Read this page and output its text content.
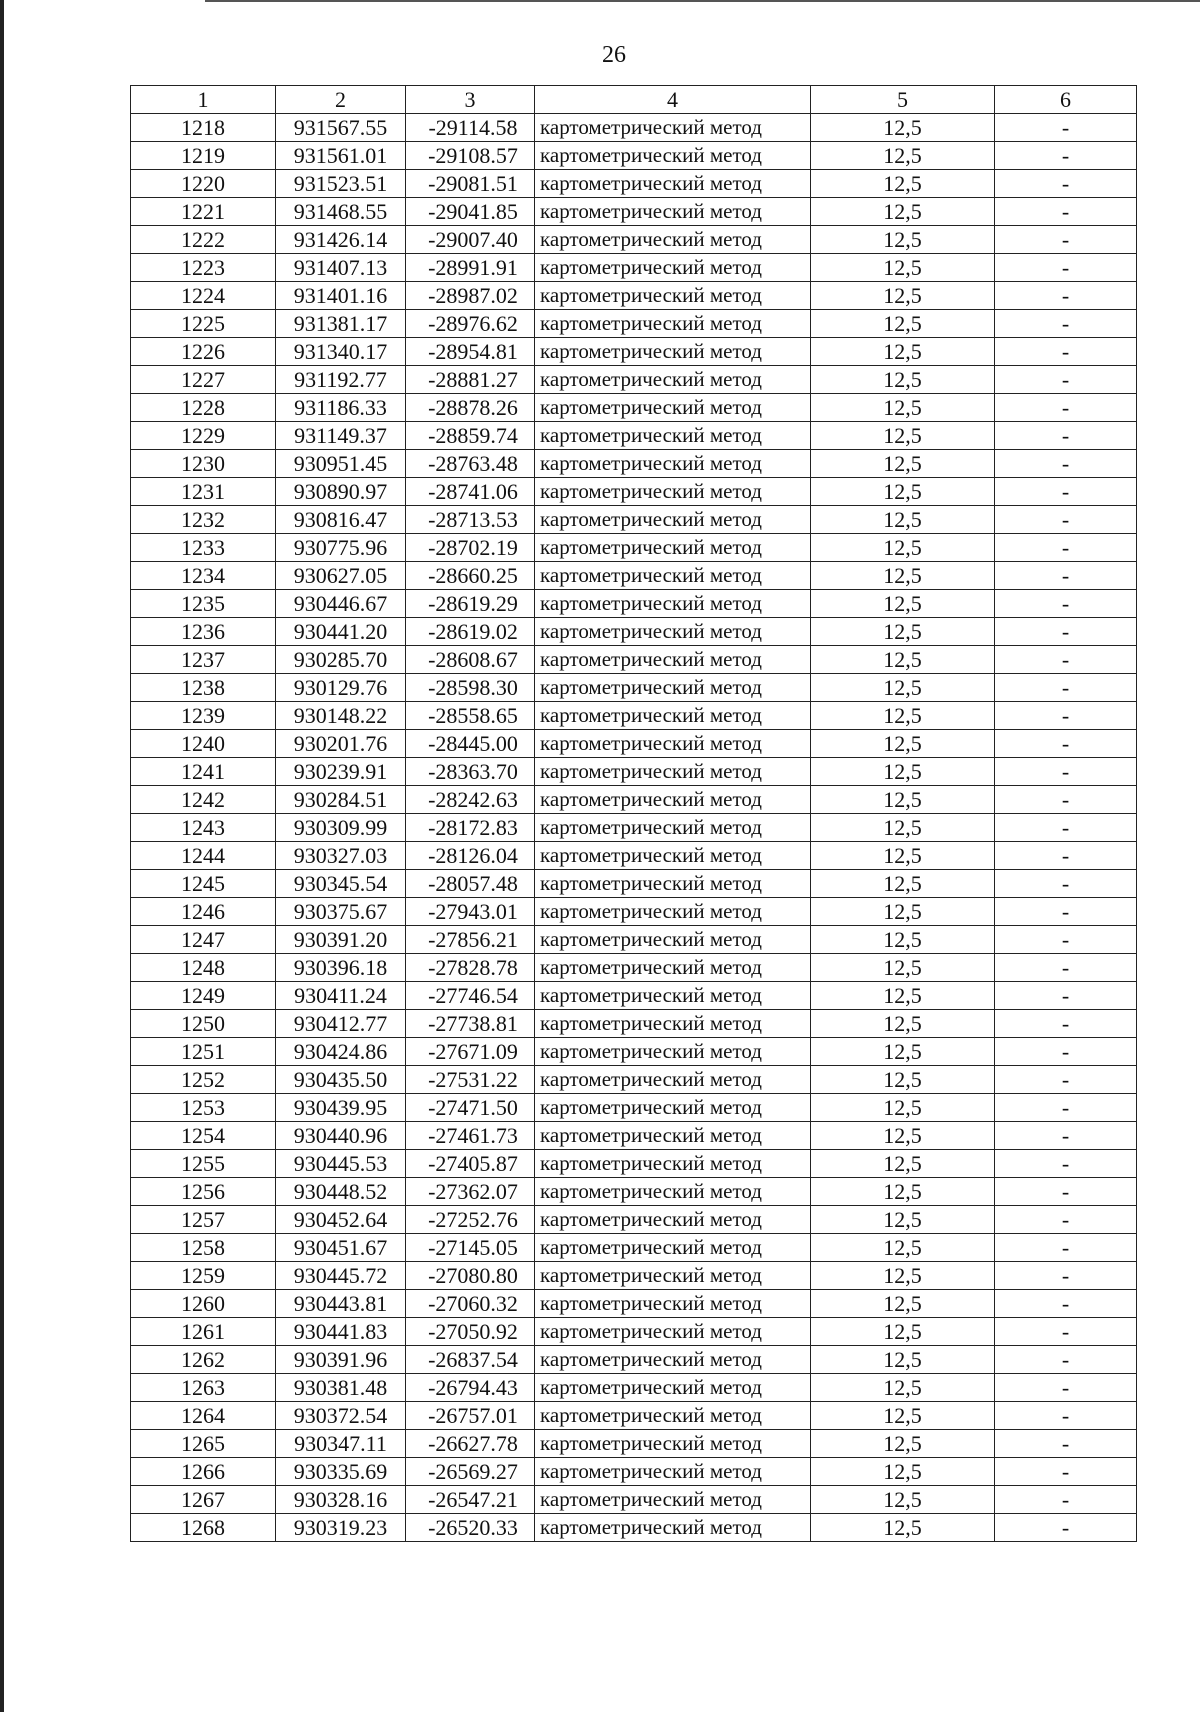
26
1	2	3	4	5	6
1218	931567.55	-29114.58	картометрический метод	12,5	-
1219	931561.01	-29108.57	картометрический метод	12,5	-
1220	931523.51	-29081.51	картометрический метод	12,5	-
1221	931468.55	-29041.85	картометрический метод	12,5	-
1222	931426.14	-29007.40	картометрический метод	12,5	-
1223	931407.13	-28991.91	картометрический метод	12,5	-
1224	931401.16	-28987.02	картометрический метод	12,5	-
1225	931381.17	-28976.62	картометрический метод	12,5	-
1226	931340.17	-28954.81	картометрический метод	12,5	-
1227	931192.77	-28881.27	картометрический метод	12,5	-
1228	931186.33	-28878.26	картометрический метод	12,5	-
1229	931149.37	-28859.74	картометрический метод	12,5	-
1230	930951.45	-28763.48	картометрический метод	12,5	-
1231	930890.97	-28741.06	картометрический метод	12,5	-
1232	930816.47	-28713.53	картометрический метод	12,5	-
1233	930775.96	-28702.19	картометрический метод	12,5	-
1234	930627.05	-28660.25	картометрический метод	12,5	-
1235	930446.67	-28619.29	картометрический метод	12,5	-
1236	930441.20	-28619.02	картометрический метод	12,5	-
1237	930285.70	-28608.67	картометрический метод	12,5	-
1238	930129.76	-28598.30	картометрический метод	12,5	-
1239	930148.22	-28558.65	картометрический метод	12,5	-
1240	930201.76	-28445.00	картометрический метод	12,5	-
1241	930239.91	-28363.70	картометрический метод	12,5	-
1242	930284.51	-28242.63	картометрический метод	12,5	-
1243	930309.99	-28172.83	картометрический метод	12,5	-
1244	930327.03	-28126.04	картометрический метод	12,5	-
1245	930345.54	-28057.48	картометрический метод	12,5	-
1246	930375.67	-27943.01	картометрический метод	12,5	-
1247	930391.20	-27856.21	картометрический метод	12,5	-
1248	930396.18	-27828.78	картометрический метод	12,5	-
1249	930411.24	-27746.54	картометрический метод	12,5	-
1250	930412.77	-27738.81	картометрический метод	12,5	-
1251	930424.86	-27671.09	картометрический метод	12,5	-
1252	930435.50	-27531.22	картометрический метод	12,5	-
1253	930439.95	-27471.50	картометрический метод	12,5	-
1254	930440.96	-27461.73	картометрический метод	12,5	-
1255	930445.53	-27405.87	картометрический метод	12,5	-
1256	930448.52	-27362.07	картометрический метод	12,5	-
1257	930452.64	-27252.76	картометрический метод	12,5	-
1258	930451.67	-27145.05	картометрический метод	12,5	-
1259	930445.72	-27080.80	картометрический метод	12,5	-
1260	930443.81	-27060.32	картометрический метод	12,5	-
1261	930441.83	-27050.92	картометрический метод	12,5	-
1262	930391.96	-26837.54	картометрический метод	12,5	-
1263	930381.48	-26794.43	картометрический метод	12,5	-
1264	930372.54	-26757.01	картометрический метод	12,5	-
1265	930347.11	-26627.78	картометрический метод	12,5	-
1266	930335.69	-26569.27	картометрический метод	12,5	-
1267	930328.16	-26547.21	картометрический метод	12,5	-
1268	930319.23	-26520.33	картометрический метод	12,5	-
